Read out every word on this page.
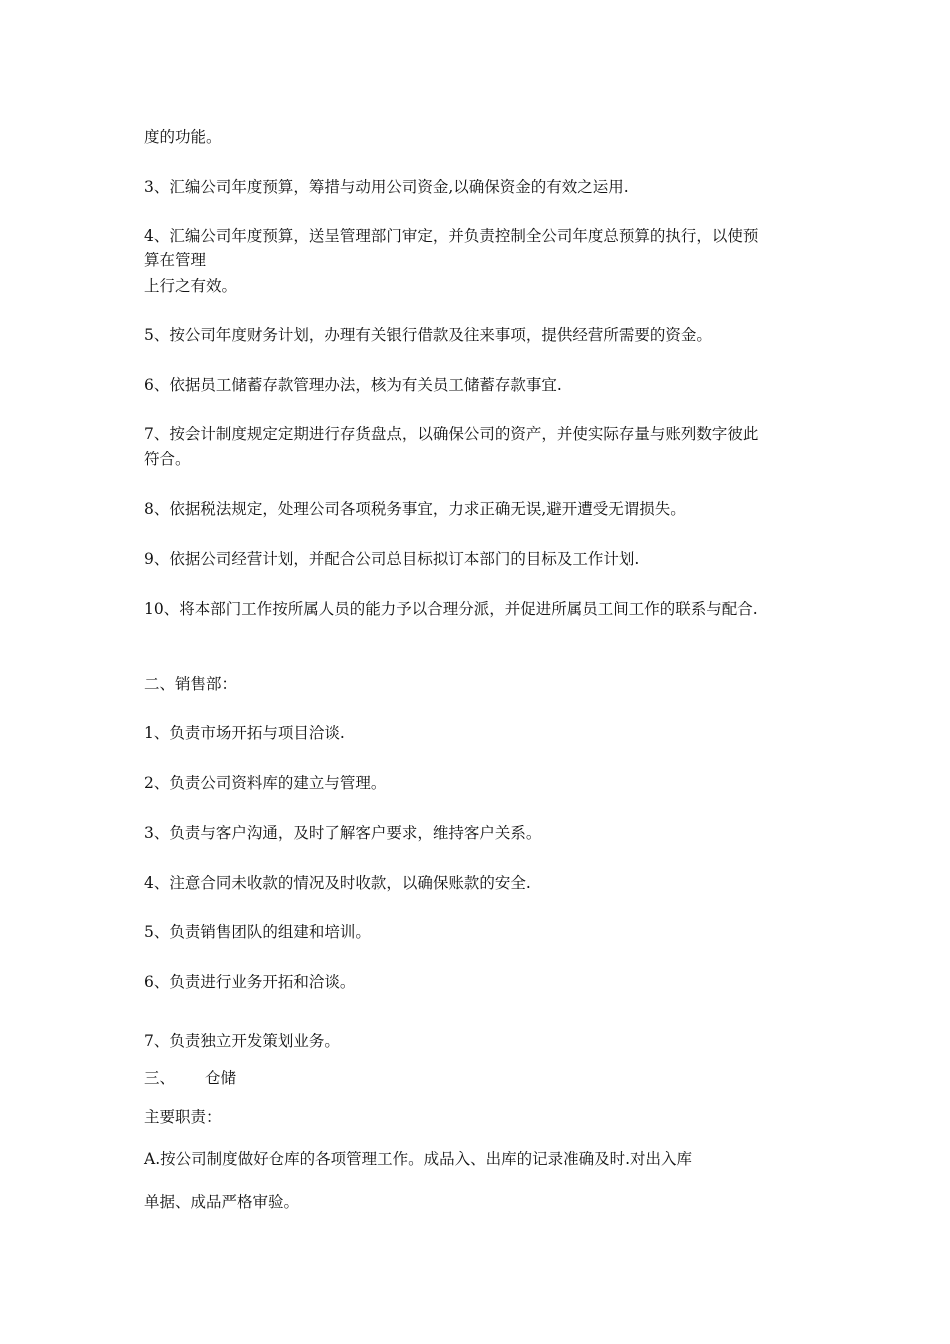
度的功能。
3、汇编公司年度预算，筹措与动用公司资金,以确保资金的有效之运用.
4、汇编公司年度预算，送呈管理部门审定，并负责控制全公司年度总预算的执行，以使预
算在管理
上行之有效。
5、按公司年度财务计划，办理有关银行借款及往来事项，提供经营所需要的资金。
6、依据员工储蓄存款管理办法，核为有关员工储蓄存款事宜.
7、按会计制度规定定期进行存货盘点，以确保公司的资产，并使实际存量与账列数字彼此
符合。
8、依据税法规定，处理公司各项税务事宜，力求正确无误,避开遭受无谓损失。
9、依据公司经营计划，并配合公司总目标拟订本部门的目标及工作计划.
10、将本部门工作按所属人员的能力予以合理分派，并促进所属员工间工作的联系与配合.
二、销售部：
1、负责市场开拓与项目洽谈.
2、负责公司资料库的建立与管理。
3、负责与客户沟通，及时了解客户要求，维持客户关系。
4、注意合同未收款的情况及时收款，以确保账款的安全.
5、负责销售团队的组建和培训。
6、负责进行业务开拓和洽谈。
7、负责独立开发策划业务。
三、 仓储
主要职责：
A.按公司制度做好仓库的各项管理工作。成品入、出库的记录准确及时.对出入库
单据、成品严格审验。
